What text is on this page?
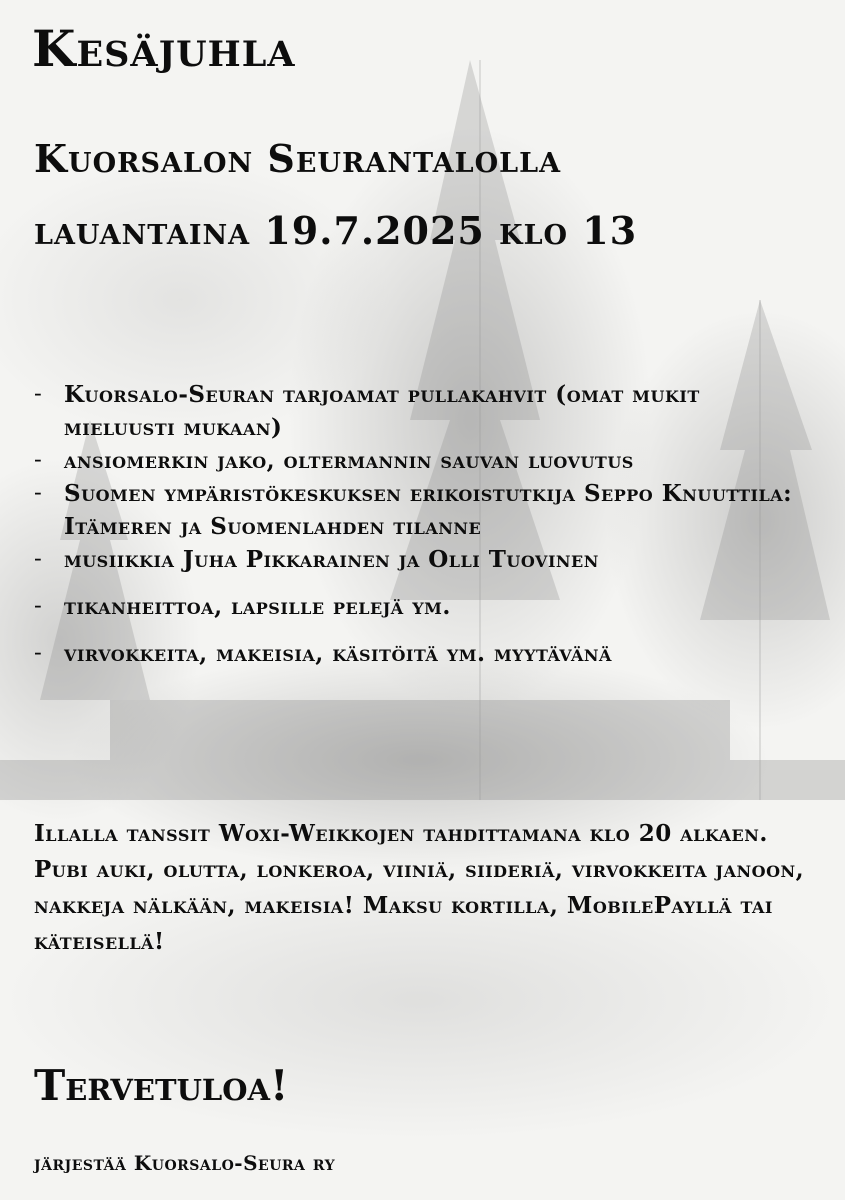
Kesäjuhla
Kuorsalon Seurantalolla
lauantaina 19.7.2025 klo 13
- Kuorsalo-Seuran tarjoamat pullakahvit (omat mukit mieluusti mukaan)
- ansiomerkin jako, oltermannin sauvan luovutus
- Suomen ympäristökeskuksen erikoistutkija Seppo Knuuttila: Itämeren ja Suomenlahden tilanne
- musiikkia Juha Pikkarainen ja Olli Tuovinen
- tikanheittoa, lapsille pelejä ym.
- virvokkeita, makeisia, käsitöitä ym. myytävänä

Illalla tanssit Woxi-Weikkojen tahdittamana klo 20 alkaen. Pubi auki, olutta, lonkeroa, viiniä, siideriä, virvokkeita janoon, nakkeja nälkään, makeisia! Maksu kortilla, MobilePayllä tai käteisellä!

Tervetuloa!
järjestää Kuorsalo-Seura ry
